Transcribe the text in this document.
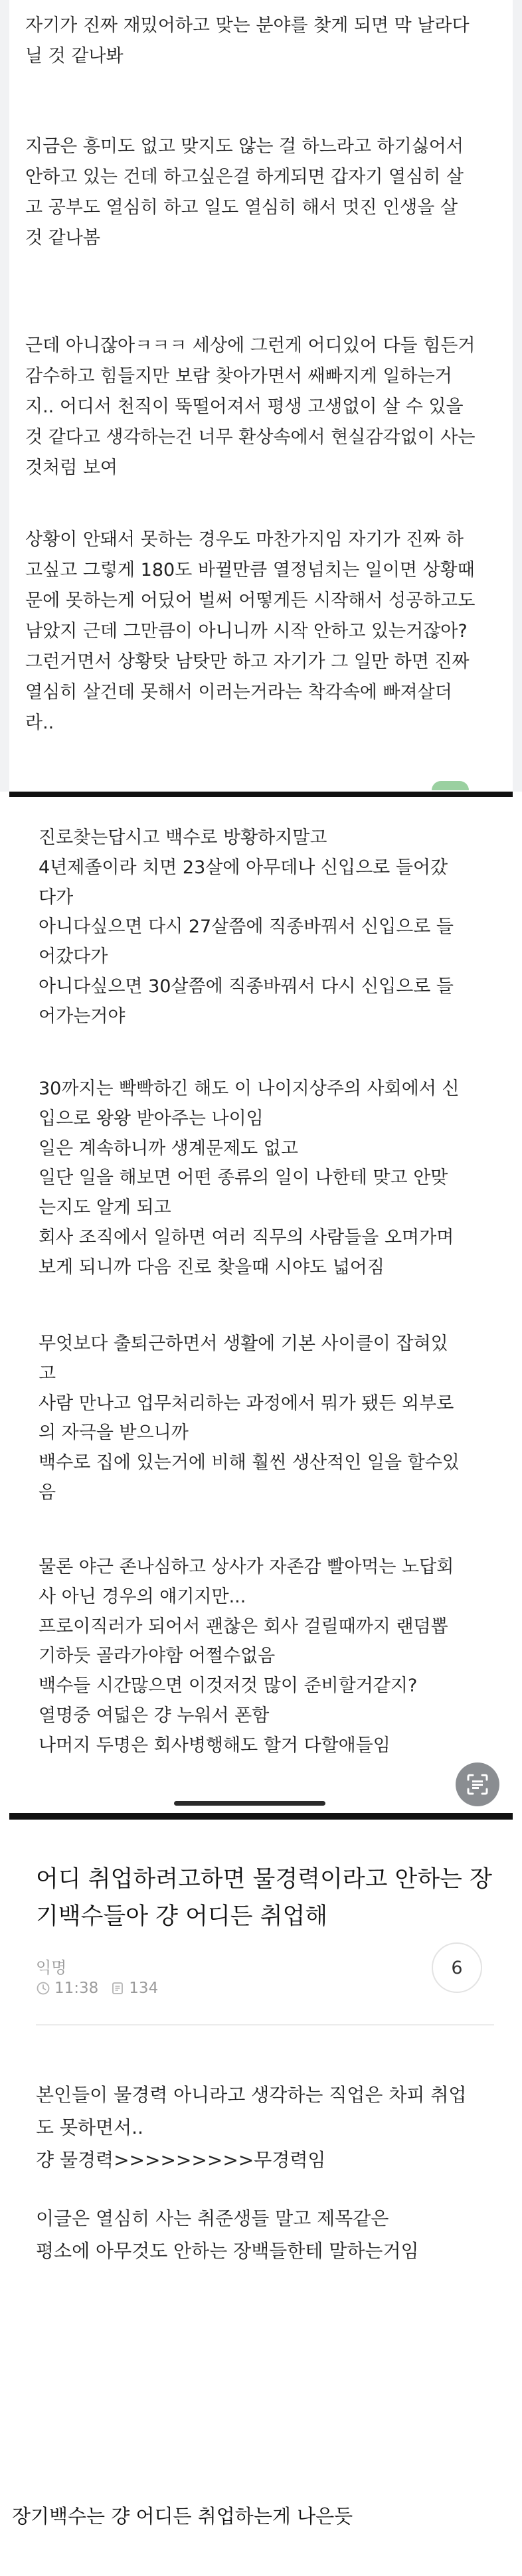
자기가 진짜 재밌어하고 맞는 분야를 찾게 되면 막 날라다
닐 것 같나봐
지금은 흥미도 없고 맞지도 않는 걸 하느라고 하기싫어서
안하고 있는 건데 하고싶은걸 하게되면 갑자기 열심히 살
고 공부도 열심히 하고 일도 열심히 해서 멋진 인생을 살
것 같나봄
근데 아니잖아ㅋㅋㅋ 세상에 그런게 어디있어 다들 힘든거
감수하고 힘들지만 보람 찾아가면서 쌔빠지게 일하는거
지.. 어디서 천직이 뚝떨어져서 평생 고생없이 살 수 있을
것 같다고 생각하는건 너무 환상속에서 현실감각없이 사는
것처럼 보여
상황이 안돼서 못하는 경우도 마찬가지임 자기가 진짜 하
고싶고 그렇게 180도 바뀔만큼 열정넘치는 일이면 상황때
문에 못하는게 어딨어 벌써 어떻게든 시작해서 성공하고도
남았지 근데 그만큼이 아니니까 시작 안하고 있는거잖아?
그런거면서 상황탓 남탓만 하고 자기가 그 일만 하면 진짜
열심히 살건데 못해서 이러는거라는 착각속에 빠져살더
라..
진로찾는답시고 백수로 방황하지말고
4년제졸이라 치면 23살에 아무데나 신입으로 들어갔
다가
아니다싶으면 다시 27살쯤에 직종바꿔서 신입으로 들
어갔다가
아니다싶으면 30살쯤에 직종바꿔서 다시 신입으로 들
어가는거야
30까지는 빡빡하긴 해도 이 나이지상주의 사회에서 신
입으로 왕왕 받아주는 나이임
일은 계속하니까 생계문제도 없고
일단 일을 해보면 어떤 종류의 일이 나한테 맞고 안맞
는지도 알게 되고
회사 조직에서 일하면 여러 직무의 사람들을 오며가며
보게 되니까 다음 진로 찾을때 시야도 넓어짐
무엇보다 출퇴근하면서 생활에 기본 사이클이 잡혀있
고
사람 만나고 업무처리하는 과정에서 뭐가 됐든 외부로
의 자극을 받으니까
백수로 집에 있는거에 비해 훨씬 생산적인 일을 할수있
음
물론 야근 존나심하고 상사가 자존감 빨아먹는 노답회
사 아닌 경우의 얘기지만...
프로이직러가 되어서 괜찮은 회사 걸릴때까지 랜덤뽑
기하듯 골라가야함 어쩔수없음
백수들 시간많으면 이것저것 많이 준비할거같지?
열명중 여덟은 걍 누워서 폰함
나머지 두명은 회사병행해도 할거 다할애들임
어디 취업하려고하면 물경력이라고 안하는 장기백수들아 걍 어디든 취업해
익명
11:38 134
6
본인들이 물경력 아니라고 생각하는 직업은 차피 취업
도 못하면서..
걍 물경력>>>>>>>>>무경력임
이글은 열심히 사는 취준생들 말고 제목같은
평소에 아무것도 안하는 장백들한테 말하는거임
장기백수는 걍 어디든 취업하는게 나은듯
